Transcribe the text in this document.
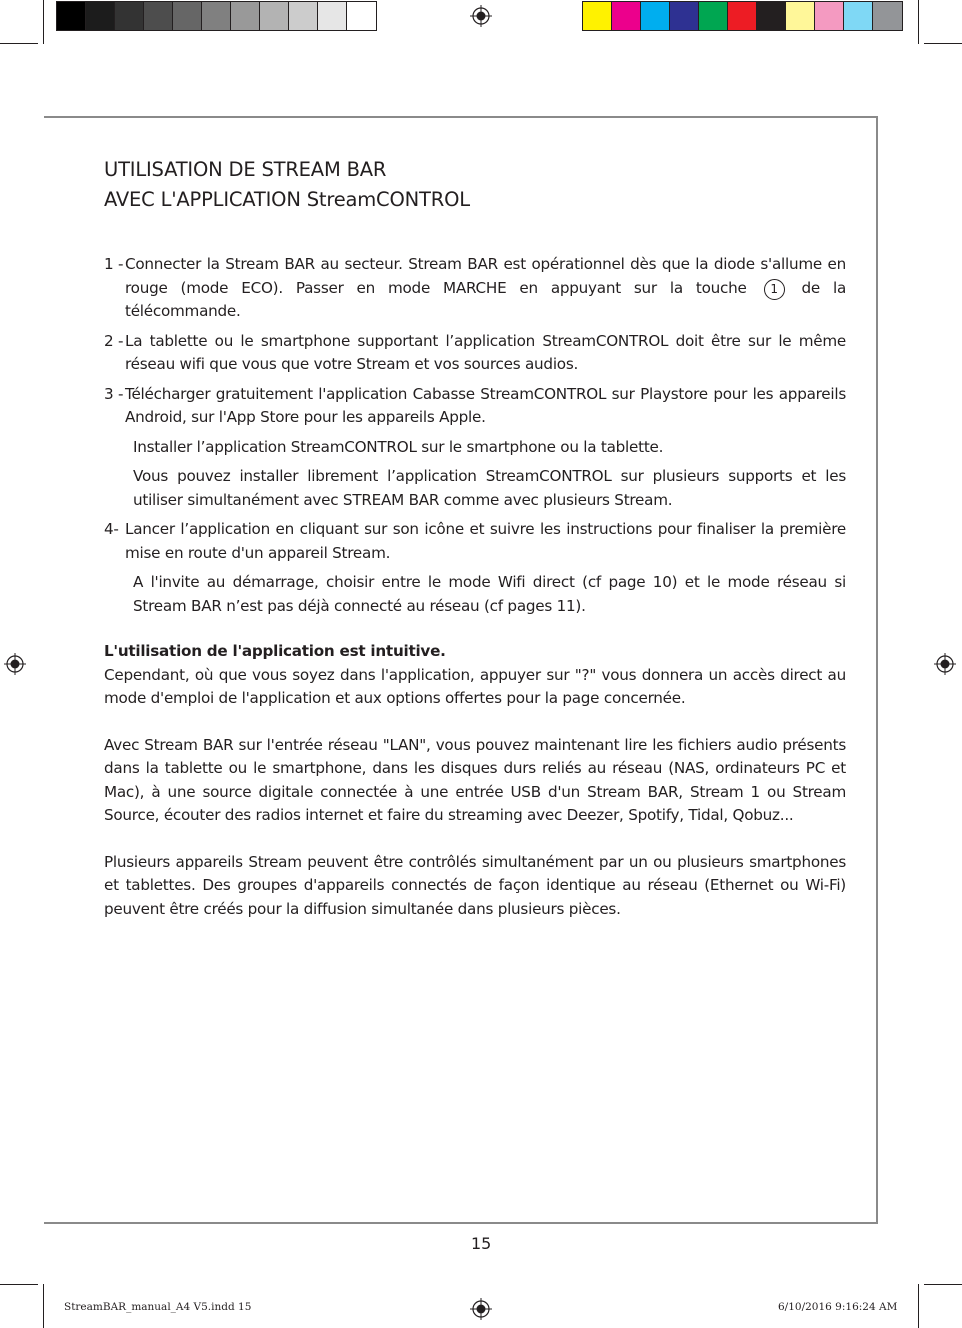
UTILISATION DE STREAM BAR
AVEC L'APPLICATION StreamCONTROL

1 - Connecter la Stream BAR au secteur. Stream BAR est opérationnel dès que la diode s'allume en rouge (mode ECO). Passer en mode MARCHE en appuyant sur la touche 1 de la télécommande.

2 - La tablette ou le smartphone supportant l’application StreamCONTROL doit être sur le même réseau wifi que vous que votre Stream et vos sources audios.

3 - Télécharger gratuitement l'application Cabasse StreamCONTROL sur Playstore pour les appareils Android, sur l'App Store pour les appareils Apple.

Installer l’application StreamCONTROL sur le smartphone ou la tablette.

Vous pouvez installer librement l’application StreamCONTROL sur plusieurs supports et les utiliser simultanément avec STREAM BAR comme avec plusieurs Stream.

4- Lancer l’application en cliquant sur son icône et suivre les instructions pour finaliser la première mise en route d'un appareil Stream.

A l'invite au démarrage, choisir entre le mode Wifi direct (cf page 10) et le mode réseau si Stream BAR n’est pas déjà connecté au réseau (cf pages 11).

L'utilisation de l'application est intuitive.

Cependant, où que vous soyez dans l'application, appuyer sur "?" vous donnera un accès direct au mode d'emploi de l'application et aux options offertes pour la page concernée.

Avec Stream BAR sur l'entrée réseau "LAN", vous pouvez maintenant lire les fichiers audio présents dans la tablette ou le smartphone, dans les disques durs reliés au réseau (NAS, ordinateurs PC et Mac), à une source digitale connectée à une entrée USB d'un Stream BAR, Stream 1 ou Stream Source, écouter des radios internet et faire du streaming avec Deezer, Spotify, Tidal, Qobuz...

Plusieurs appareils Stream peuvent être contrôlés simultanément par un ou plusieurs smartphones et tablettes. Des groupes d'appareils connectés de façon identique au réseau (Ethernet ou Wi-Fi) peuvent être créés pour la diffusion simultanée dans plusieurs pièces.

15
StreamBAR_manual_A4 V5.indd 15	6/10/2016 9:16:24 AM
